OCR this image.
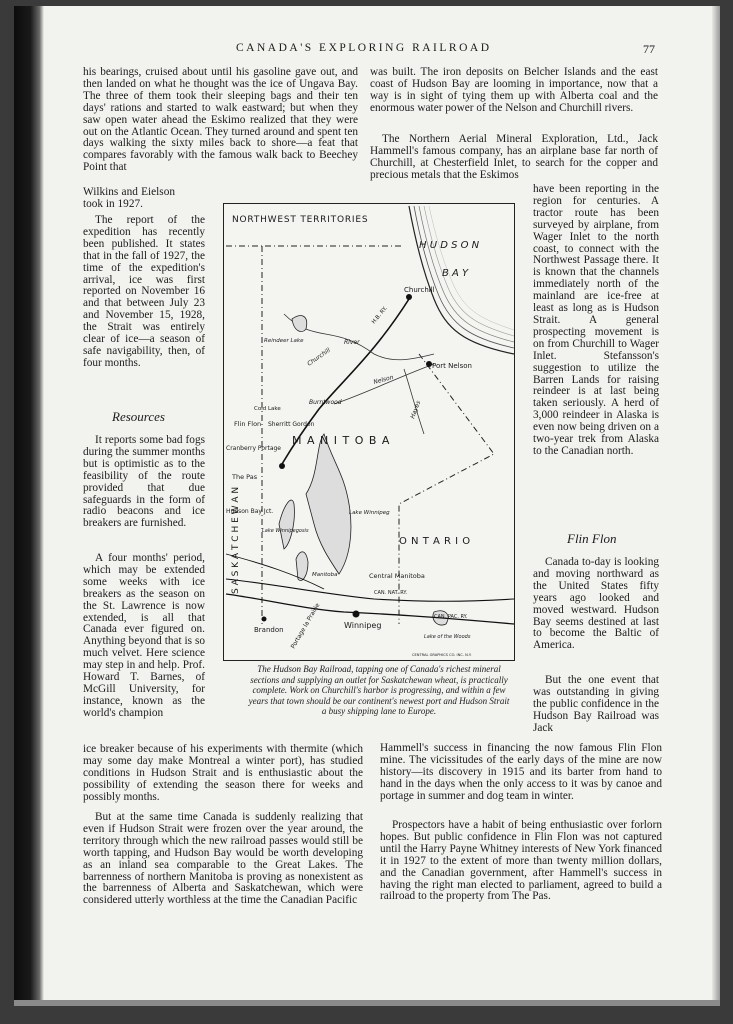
CANADA'S EXPLORING RAILROAD	77

his bearings, cruised about until his gasoline gave out, and then landed on what he thought was the ice of Ungava Bay. The three of them took their sleeping bags and their ten days' rations and started to walk eastward; but when they saw open water ahead the Eskimo realized that they were out on the Atlantic Ocean. They turned around and spent ten days walking the sixty miles back to shore—a feat that compares favorably with the famous walk back to Beechey Point that

Wilkins and Eielson took in 1927.

The report of the expedition has recently been published. It states that in the fall of 1927, the time of the expedition's arrival, ice was first reported on November 16 and that between July 23 and November 15, 1928, the Strait was entirely clear of ice—a season of safe navigability, then, of four months.

Resources

It reports some bad fogs during the summer months but is optimistic as to the feasibility of the route provided that due safeguards in the form of radio beacons and ice breakers are furnished.

A four months' period, which may be extended some weeks with ice breakers as the season on the St. Lawrence is now extended, is all that Canada ever figured on. Anything beyond that is so much velvet. Here science may step in and help. Prof. Howard T. Barnes, of McGill University, for instance, known as the world's champion

ice breaker because of his experiments with thermite (which may some day make Montreal a winter port), has studied conditions in Hudson Strait and is enthusiastic about the possibility of extending the season there for weeks and possibly months.

But at the same time Canada is suddenly realizing that even if Hudson Strait were frozen over the year around, the territory through which the new railroad passes would still be worth tapping, and Hudson Bay would be worth developing as an inland sea comparable to the Great Lakes. The barrenness of northern Manitoba is proving as nonexistent as the barrenness of Alberta and Saskatchewan, which were considered utterly worthless at the time the Canadian Pacific

was built. The iron deposits on Belcher Islands and the east coast of Hudson Bay are looming in importance, now that a way is in sight of tying them up with Alberta coal and the enormous water power of the Nelson and Churchill rivers.

The Northern Aerial Mineral Exploration, Ltd., Jack Hammell's famous company, has an airplane base far north of Churchill, at Chesterfield Inlet, to search for the copper and precious metals that the Eskimos

have been reporting in the region for centuries. A tractor route has been surveyed by airplane, from Wager Inlet to the north coast, to connect with the Northwest Passage there. It is known that the channels immediately north of the mainland are ice-free at least as long as is Hudson Strait. A general prospecting movement is on from Churchill to Wager Inlet. Stefansson's suggestion to utilize the Barren Lands for raising reindeer is at last being taken seriously. A herd of 3,000 reindeer in Alaska is even now being driven on a two-year trek from Alaska to the Canadian north.

Flin Flon

Canada to-day is looking and moving northward as the United States fifty years ago looked and moved westward. Hudson Bay seems destined at last to become the Baltic of America.

But the one event that was outstanding in giving the public confidence in the Hudson Bay Railroad was Jack

Hammell's success in financing the now famous Flin Flon mine. The vicissitudes of the early days of the mine are now history—its discovery in 1915 and its barter from hand to hand in the days when the only access to it was by canoe and portage in summer and dog team in winter.

Prospectors have a habit of being enthusiastic over forlorn hopes. But public confidence in Flin Flon was not captured until the Harry Payne Whitney interests of New York financed it in 1927 to the extent of more than twenty million dollars, and the Canadian government, after Hammell's success in having the right man elected to parliament, agreed to build a railroad to the property from The Pas.

NORTHWEST TERRITORIES
H U D S O N
B A Y
M A N I T O B A
O N T A R I O
S A S K A T C H E W A N
Churchill
Port Nelson
Reindeer Lake
Churchill
River
Nelson
Burntwood
Cold Lake
Flin Flon Sherritt Gordon
Cranberry Portage
The Pas
Hayes
Hudson Bay Jct.
Lake Winnipegosis
Lake Winnipeg
Manitoba	Central Manitoba
Brandon Portage la Prairie	Winnipeg
Lake of the Woods
CAN. NAT. RY.
CAN. PAC. RY.
H.B. RY.
CENTRAL GRAPHICS CO. INC. N.Y.

The Hudson Bay Railroad, tapping one of Canada's richest mineral sections and supplying an outlet for Saskatchewan wheat, is practically complete. Work on Churchill's harbor is progressing, and within a few years that town should be our continent's newest port and Hudson Strait a busy shipping lane to Europe.
